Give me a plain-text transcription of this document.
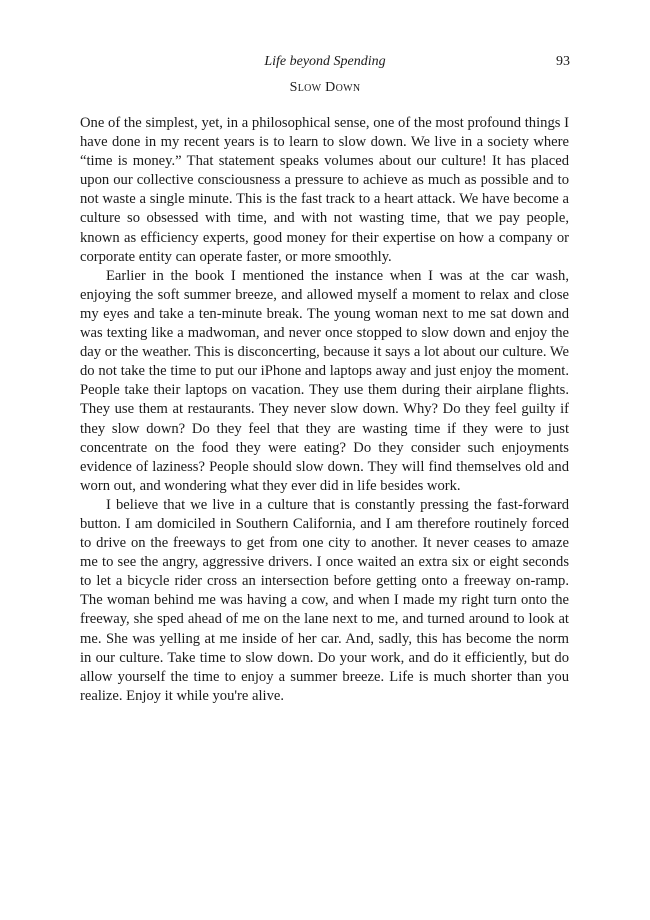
Life beyond Spending	93
Slow Down

One of the simplest, yet, in a philosophical sense, one of the most profound things I have done in my recent years is to learn to slow down. We live in a society where “time is money.” That statement speaks volumes about our culture! It has placed upon our collective consciousness a pressure to achieve as much as possible and to not waste a single minute. This is the fast track to a heart attack. We have become a culture so obsessed with time, and with not wasting time, that we pay people, known as efficiency experts, good money for their expertise on how a company or corporate entity can operate faster, or more smoothly.

Earlier in the book I mentioned the instance when I was at the car wash, enjoying the soft summer breeze, and allowed myself a moment to relax and close my eyes and take a ten-minute break. The young woman next to me sat down and was texting like a madwoman, and never once stopped to slow down and enjoy the day or the weather. This is disconcerting, because it says a lot about our culture. We do not take the time to put our iPhone and laptops away and just enjoy the moment. People take their laptops on vacation. They use them during their airplane flights. They use them at restaurants. They never slow down. Why? Do they feel guilty if they slow down? Do they feel that they are wasting time if they were to just concentrate on the food they were eating? Do they consider such enjoyments evidence of laziness? People should slow down. They will find themselves old and worn out, and wondering what they ever did in life besides work.

I believe that we live in a culture that is constantly pressing the fast-forward button. I am domiciled in Southern California, and I am therefore routinely forced to drive on the freeways to get from one city to another. It never ceases to amaze me to see the angry, aggressive drivers. I once waited an extra six or eight seconds to let a bicycle rider cross an intersection before getting onto a freeway on-ramp. The woman behind me was having a cow, and when I made my right turn onto the freeway, she sped ahead of me on the lane next to me, and turned around to look at me. She was yelling at me inside of her car. And, sadly, this has become the norm in our culture. Take time to slow down. Do your work, and do it efficiently, but do allow yourself the time to enjoy a summer breeze. Life is much shorter than you realize. Enjoy it while you're alive.
